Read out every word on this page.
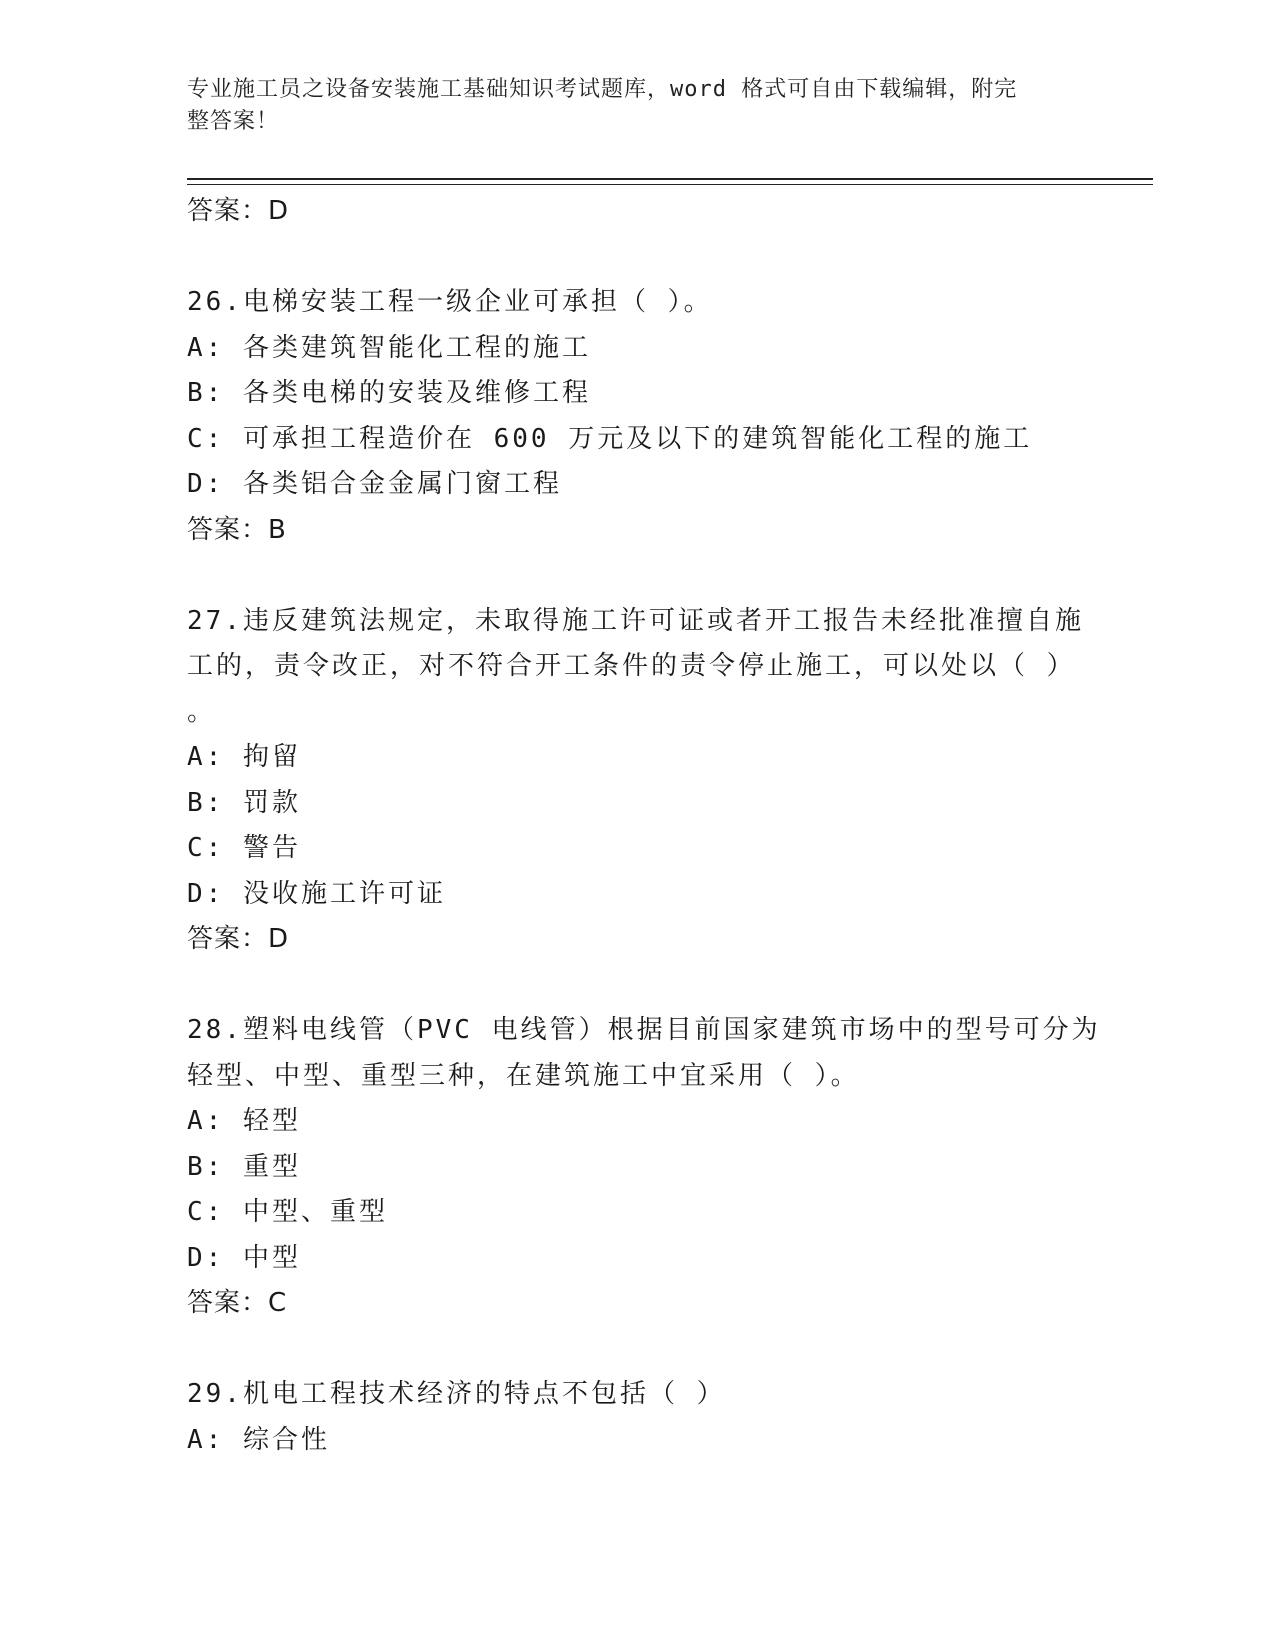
专业施工员之设备安装施工基础知识考试题库，word 格式可自由下载编辑，附完
整答案！
答案：D
26.电梯安装工程一级企业可承担（ ）。
A: 各类建筑智能化工程的施工
B: 各类电梯的安装及维修工程
C: 可承担工程造价在 600 万元及以下的建筑智能化工程的施工
D: 各类铝合金金属门窗工程
答案：B
27.违反建筑法规定，未取得施工许可证或者开工报告未经批准擅自施
工的，责令改正，对不符合开工条件的责令停止施工，可以处以（ ）
。
A: 拘留
B: 罚款
C: 警告
D: 没收施工许可证
答案：D
28.塑料电线管（PVC 电线管）根据目前国家建筑市场中的型号可分为
轻型、中型、重型三种，在建筑施工中宜采用（ ）。
A: 轻型
B: 重型
C: 中型、重型
D: 中型
答案：C
29.机电工程技术经济的特点不包括（ ）
A: 综合性
